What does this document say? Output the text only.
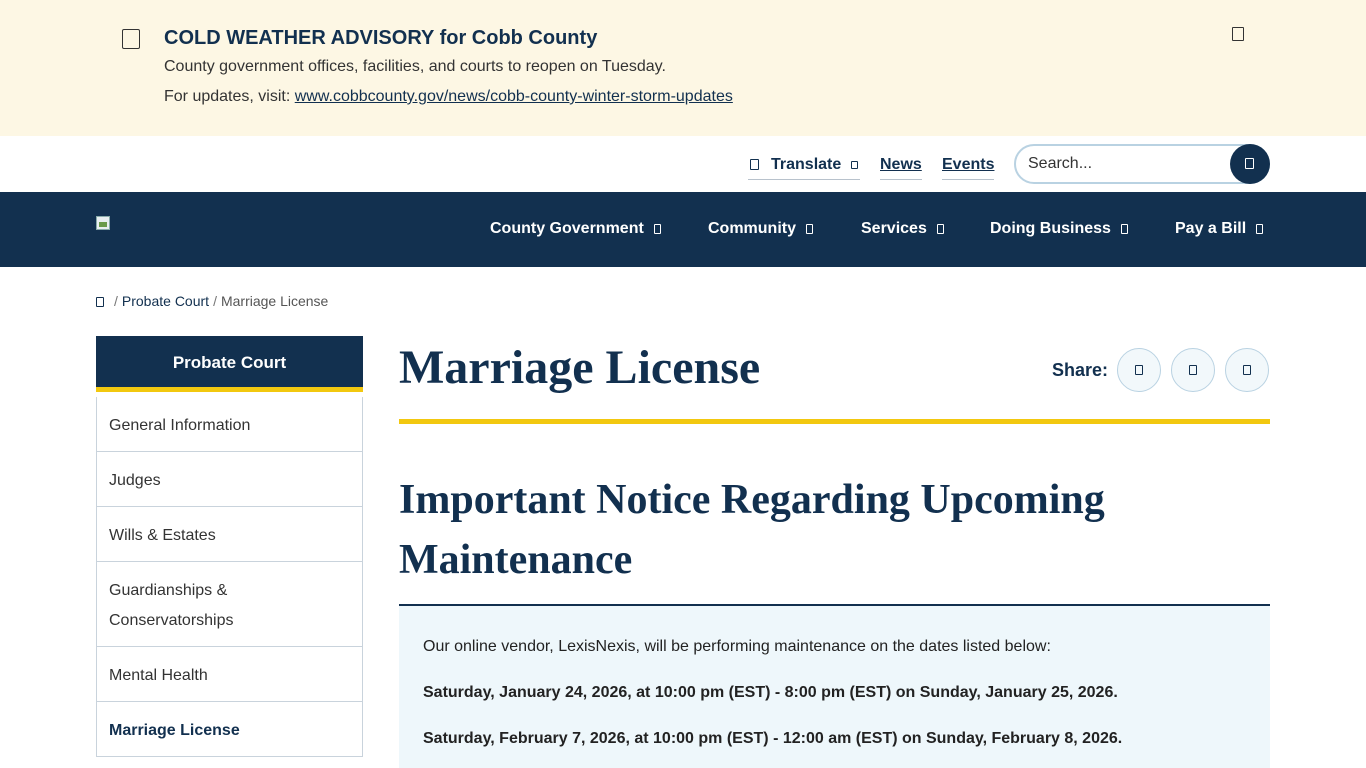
COLD WEATHER ADVISORY for Cobb County
County government offices, facilities, and courts to reopen on Tuesday.
For updates, visit: www.cobbcounty.gov/news/cobb-county-winter-storm-updates
Translate	News Events
Search...
County Government	Community	Services	Doing Business	Pay a Bill
/ Probate Court / Marriage License
Probate Court
General Information
Judges
Wills & Estates
Guardianships & Conservatorships
Mental Health
Marriage License
Marriage License	Share:
Important Notice Regarding Upcoming Maintenance

Our online vendor, LexisNexis, will be performing maintenance on the dates listed below:

Saturday, January 24, 2026, at 10:00 pm (EST) - 8:00 pm (EST) on Sunday, January 25, 2026.

Saturday, February 7, 2026, at 10:00 pm (EST) - 12:00 am (EST) on Sunday, February 8, 2026.
